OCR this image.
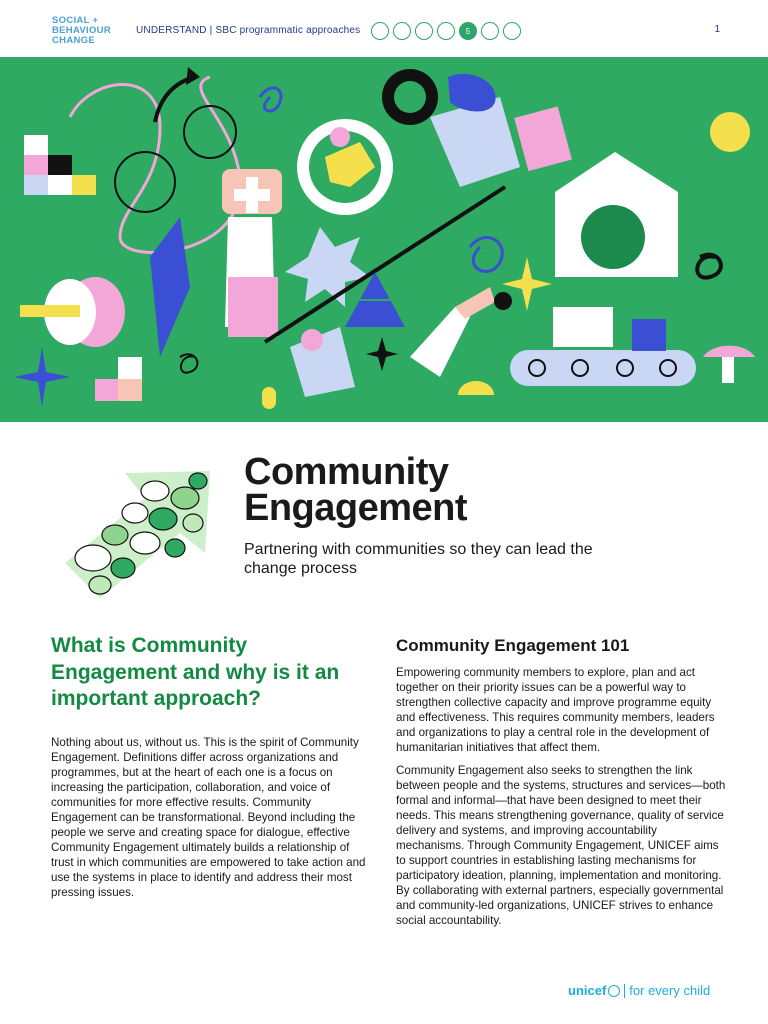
SOCIAL +
BEHAVIOUR
CHANGE
UNDERSTAND | SBC programmatic approaches	5	1
Community
Engagement
Partnering with communities so they can lead the change process
What is Community Engagement and why is it an important approach?

Nothing about us, without us. This is the spirit of Community Engagement. Definitions differ across organizations and programmes, but at the heart of each one is a focus on increasing the participation, collaboration, and voice of communities for more effective results. Community Engagement can be transformational. Beyond including the people we serve and creating space for dialogue, effective Community Engagement ultimately builds a relationship of trust in which communities are empowered to take action and use the systems in place to identify and address their most pressing issues.

Community Engagement 101

Empowering community members to explore, plan and act together on their priority issues can be a powerful way to strengthen collective capacity and improve programme equity and effectiveness. This requires community members, leaders and organizations to play a central role in the development of humanitarian initiatives that affect them.

Community Engagement also seeks to strengthen the link between people and the systems, structures and services—both formal and informal—that have been designed to meet their needs. This means strengthening governance, quality of service delivery and systems, and improving accountability mechanisms. Through Community Engagement, UNICEF aims to support countries in establishing lasting mechanisms for participatory ideation, planning, implementation and monitoring. By collaborating with external partners, especially governmental and community-led organizations, UNICEF strives to enhance social accountability.

unicef for every child
